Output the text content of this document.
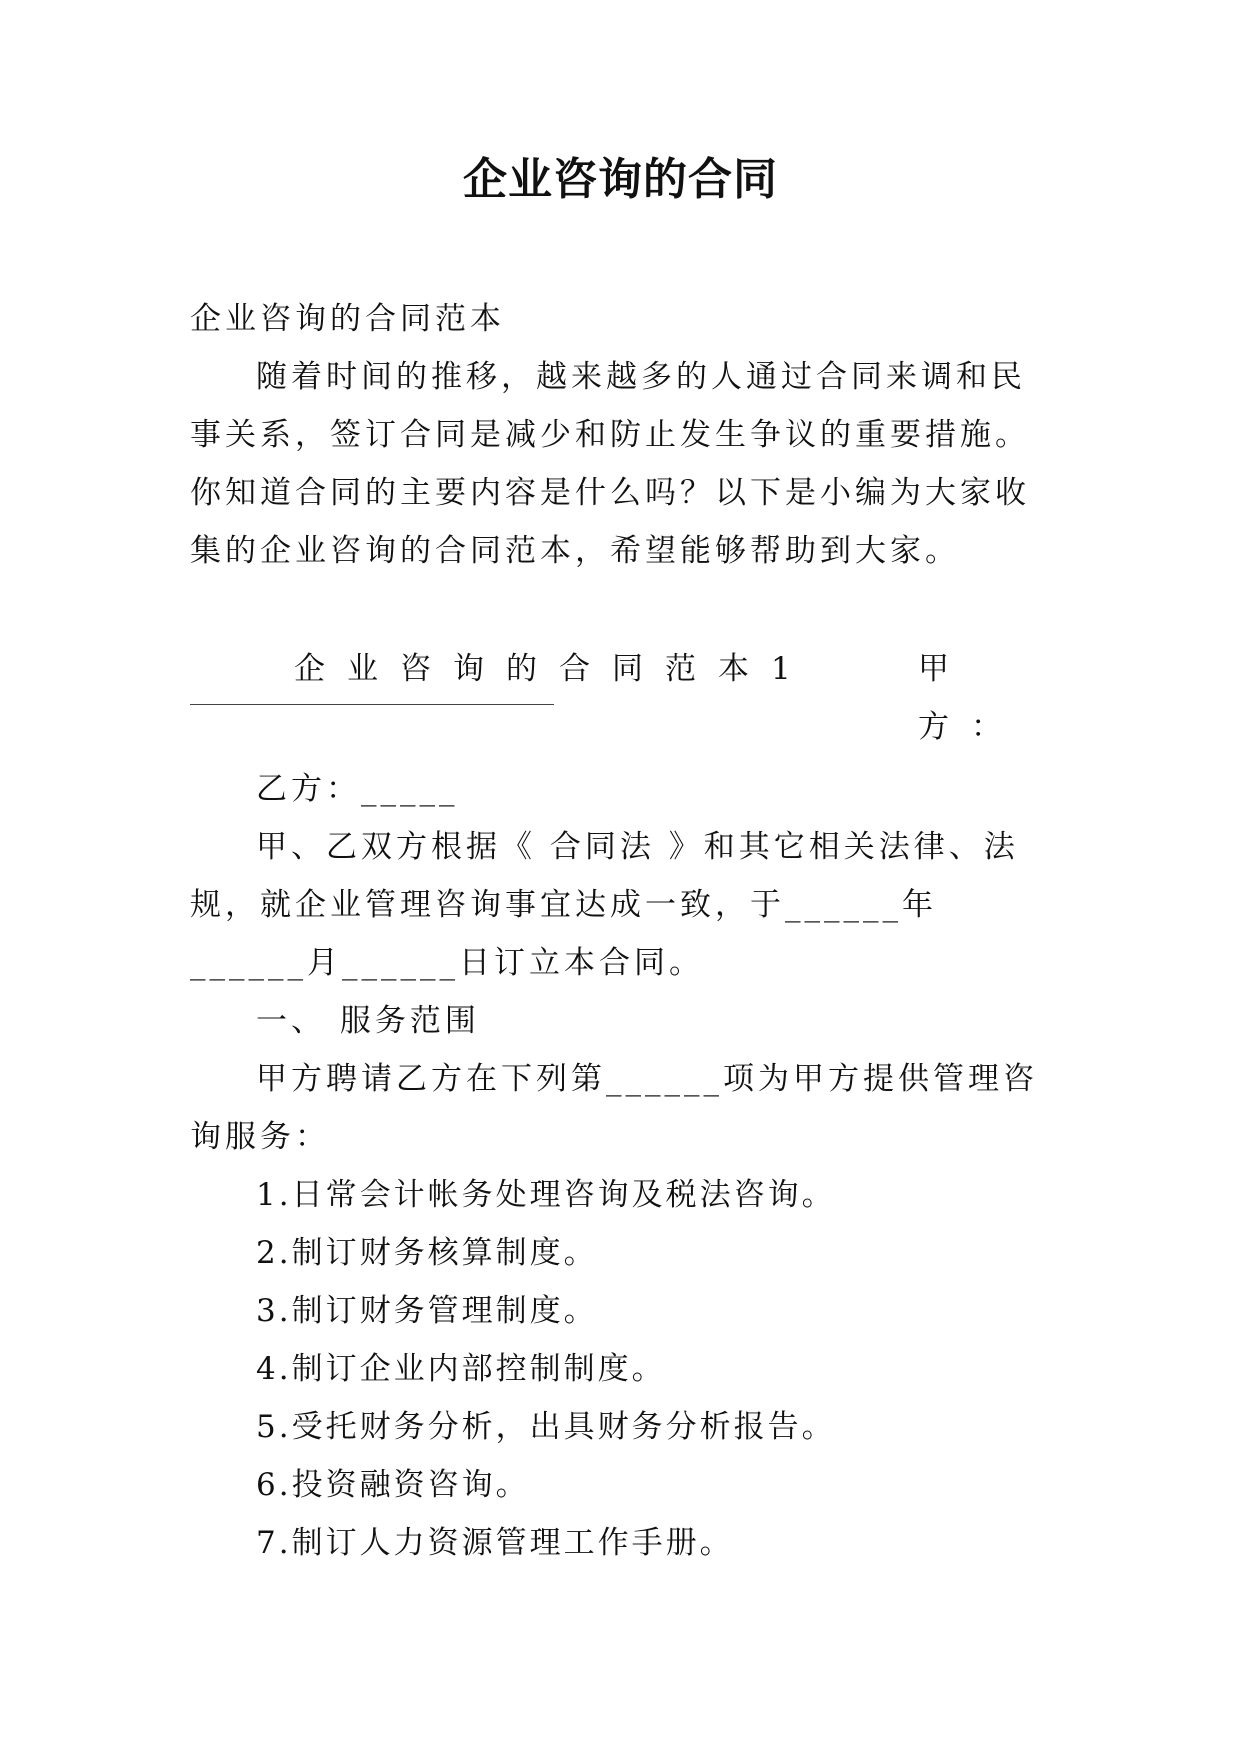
企业咨询的合同
企业咨询的合同范本
随着时间的推移，越来越多的人通过合同来调和民事关系，签订合同是减少和防止发生争议的重要措施。你知道合同的主要内容是什么吗？以下是小编为大家收集的企业咨询的合同范本，希望能够帮助到大家。
企业咨询的合同范本1	甲方：
乙方：_____
甲、乙双方根据《 合同法 》和其它相关法律、法规，就企业管理咨询事宜达成一致，于______年______月______日订立本合同。
一、 服务范围
甲方聘请乙方在下列第______项为甲方提供管理咨询服务：
1.日常会计帐务处理咨询及税法咨询。
2.制订财务核算制度。
3.制订财务管理制度。
4.制订企业内部控制制度。
5.受托财务分析，出具财务分析报告。
6.投资融资咨询。
7.制订人力资源管理工作手册。
